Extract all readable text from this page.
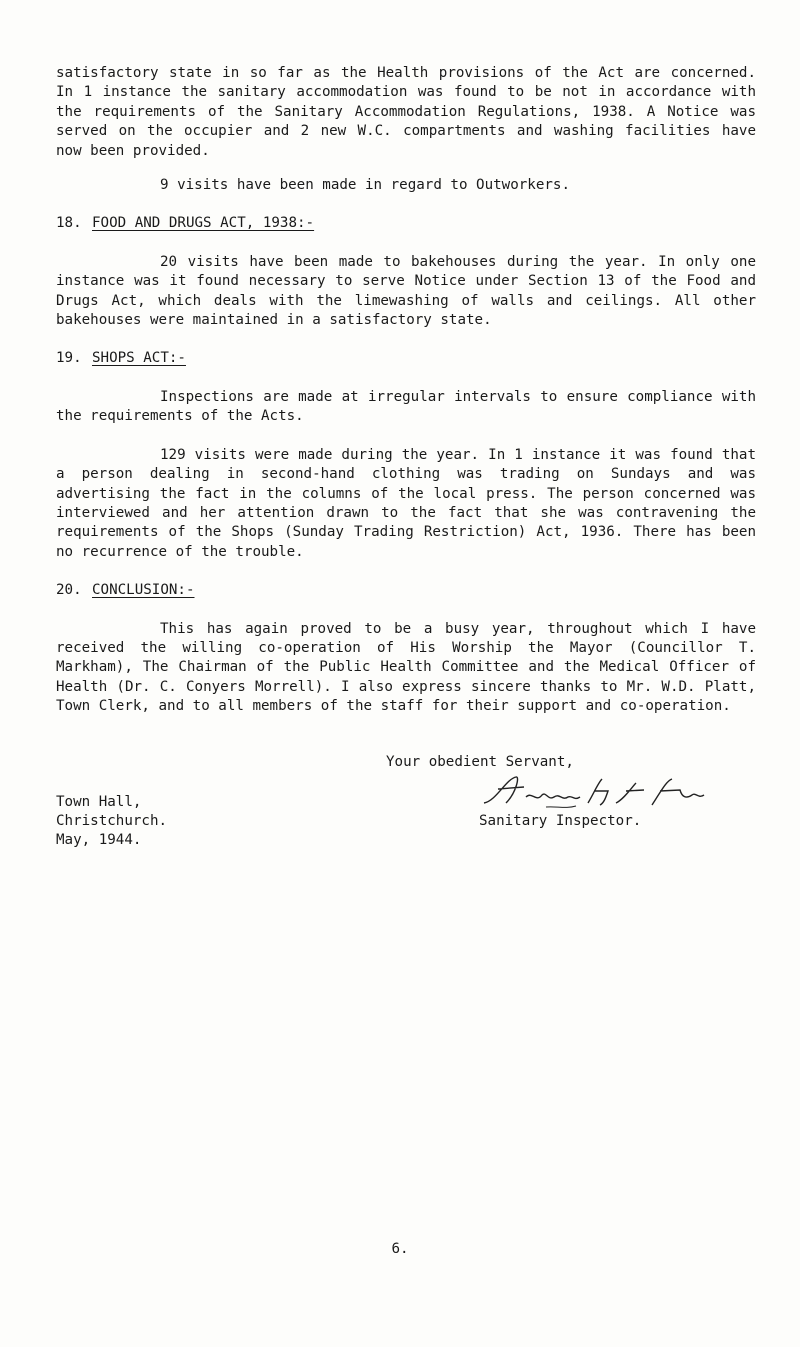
satisfactory state in so far as the Health provisions of the Act are concerned. In 1 instance the sanitary accommodation was found to be not in accordance with the requirements of the Sanitary Accommodation Regulations, 1938. A Notice was served on the occupier and 2 new W.C. compartments and washing facilities have now been provided.

9 visits have been made in regard to Outworkers.

18. FOOD AND DRUGS ACT, 1938:-

20 visits have been made to bakehouses during the year. In only one instance was it found necessary to serve Notice under Section 13 of the Food and Drugs Act, which deals with the limewashing of walls and ceilings. All other bakehouses were maintained in a satisfactory state.

19. SHOPS ACT:-

Inspections are made at irregular intervals to ensure compliance with the requirements of the Acts.

129 visits were made during the year. In 1 instance it was found that a person dealing in second-hand clothing was trading on Sundays and was advertising the fact in the columns of the local press. The person concerned was interviewed and her attention drawn to the fact that she was contravening the requirements of the Shops (Sunday Trading Restriction) Act, 1936. There has been no recurrence of the trouble.

20. CONCLUSION:-

This has again proved to be a busy year, throughout which I have received the willing co-operation of His Worship the Mayor (Councillor T. Markham), The Chairman of the Public Health Committee and the Medical Officer of Health (Dr. C. Conyers Morrell). I also express sincere thanks to Mr. W.D. Platt, Town Clerk, and to all members of the staff for their support and co-operation.

Your obedient Servant,
Town Hall,
Christchurch.
May, 1944.
Sanitary Inspector.
6.
